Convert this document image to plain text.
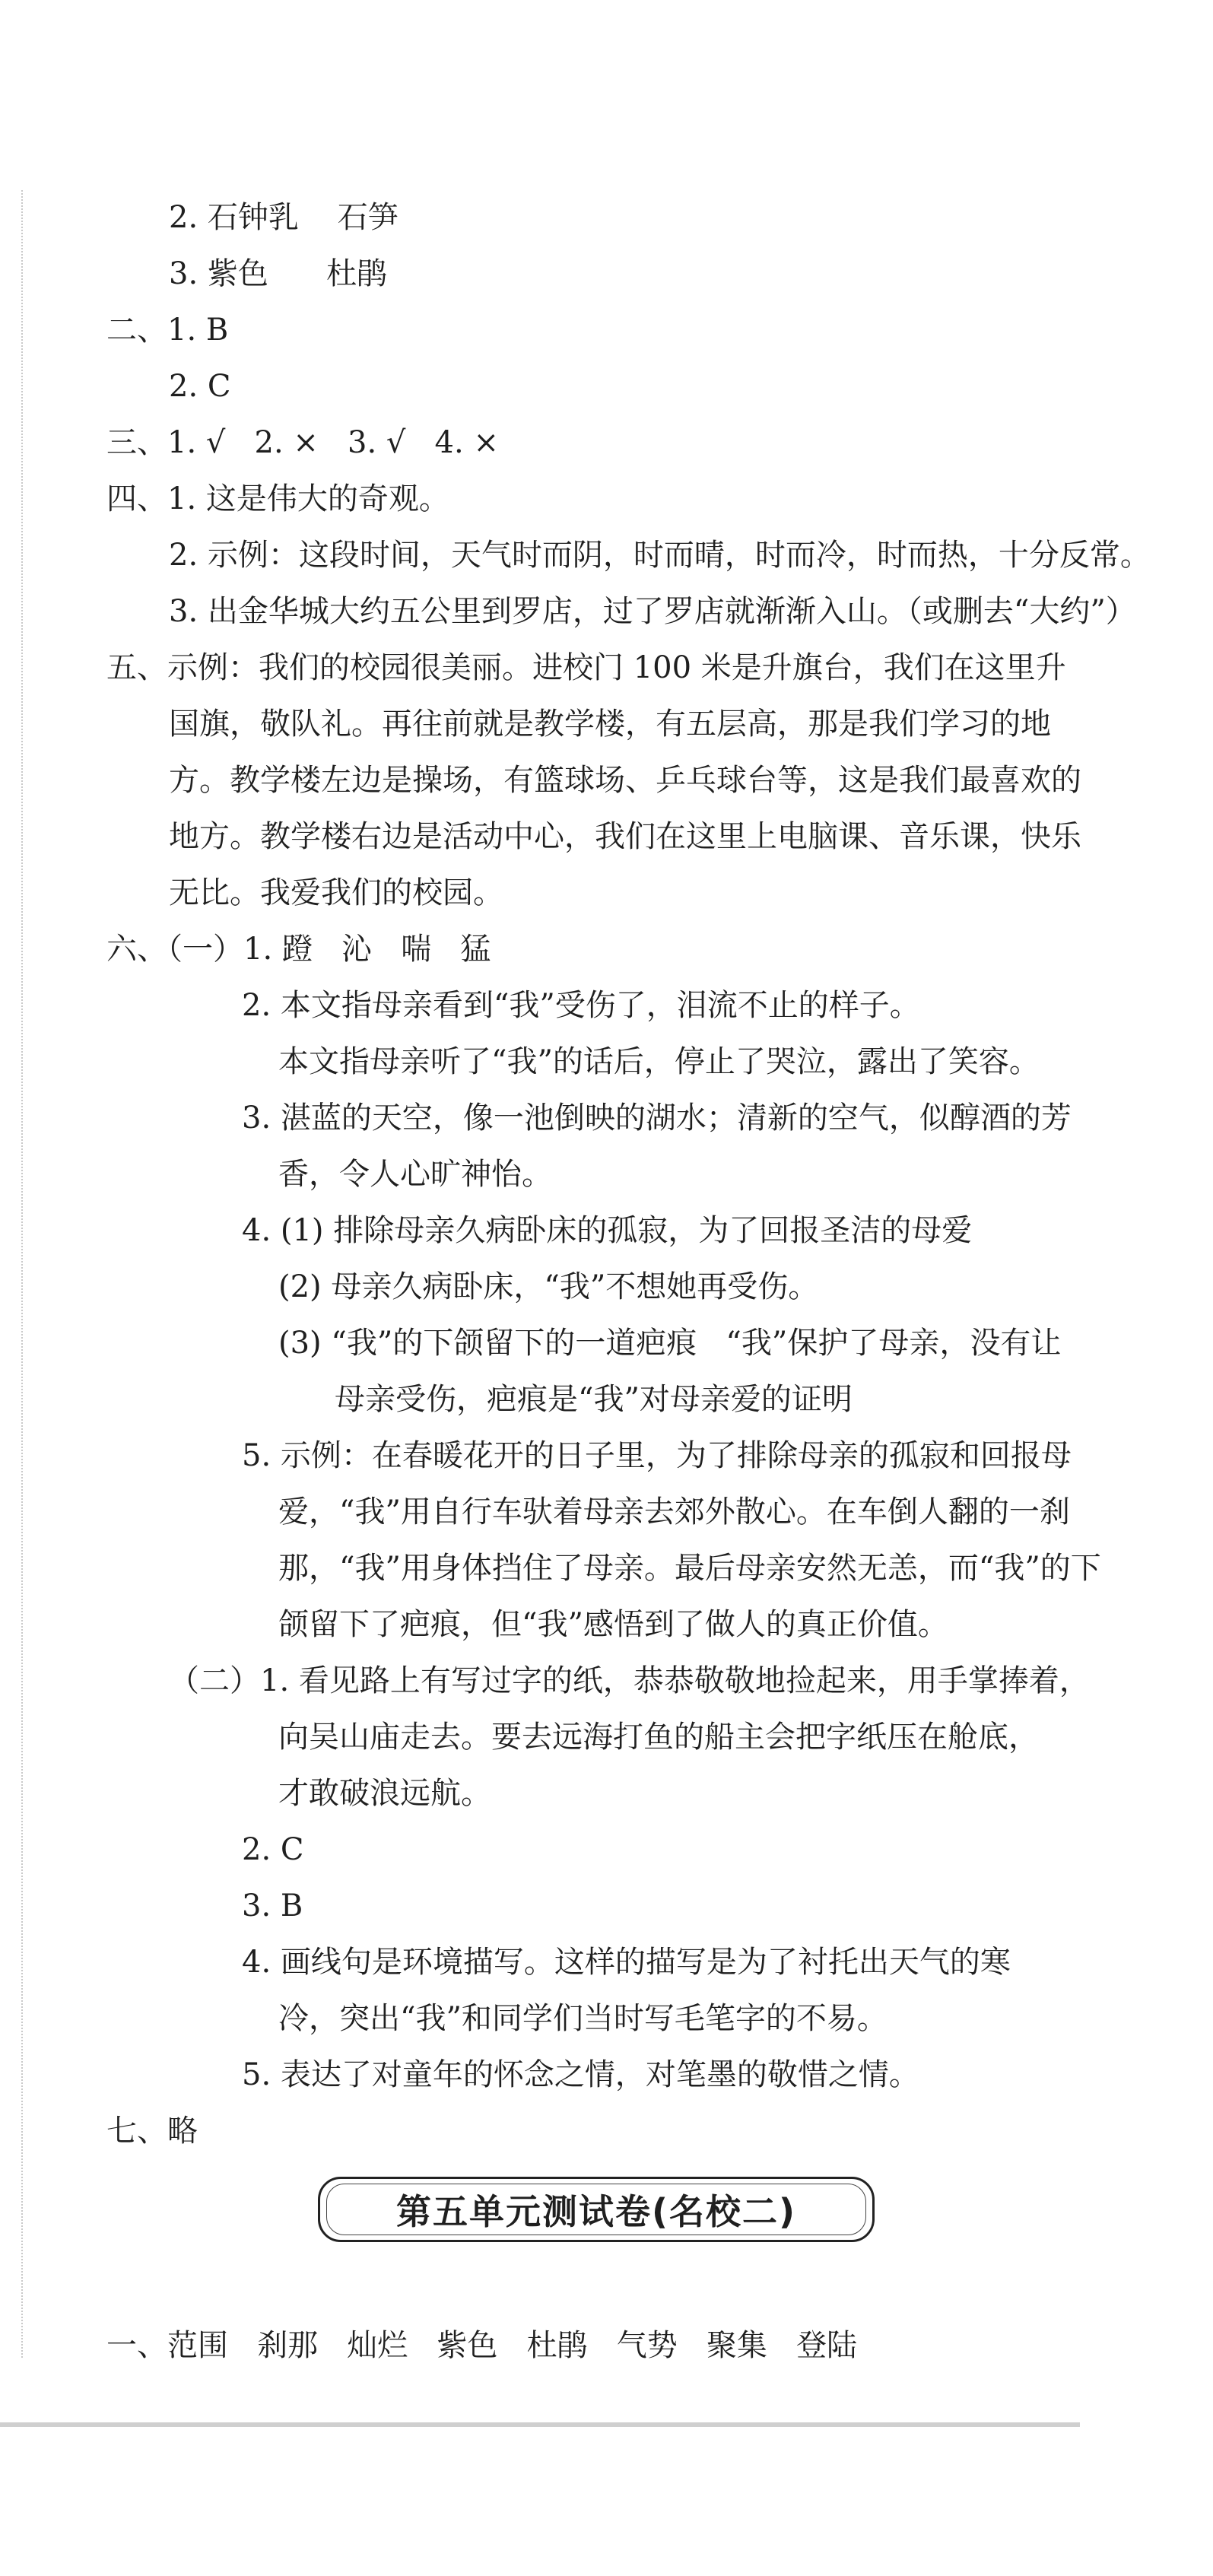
2. 石钟乳    石笋
3. 紫色      杜鹃
二、1. B
2. C
三、1. √   2. ×   3. √   4. ×
四、1. 这是伟大的奇观。
2. 示例：这段时间，天气时而阴，时而晴，时而冷，时而热，十分反常。
3. 出金华城大约五公里到罗店，过了罗店就渐渐入山。（或删去“大约”）
五、示例：我们的校园很美丽。进校门 100 米是升旗台，我们在这里升
国旗，敬队礼。再往前就是教学楼，有五层高，那是我们学习的地
方。教学楼左边是操场，有篮球场、乒乓球台等，这是我们最喜欢的
地方。教学楼右边是活动中心，我们在这里上电脑课、音乐课，快乐
无比。我爱我们的校园。
六、（一）1. 蹬   沁   喘   猛
2. 本文指母亲看到“我”受伤了，泪流不止的样子。
本文指母亲听了“我”的话后，停止了哭泣，露出了笑容。
3. 湛蓝的天空，像一池倒映的湖水；清新的空气，似醇酒的芳
香，令人心旷神怡。
4. (1) 排除母亲久病卧床的孤寂，为了回报圣洁的母爱
(2) 母亲久病卧床，“我”不想她再受伤。
(3) “我”的下颌留下的一道疤痕   “我”保护了母亲，没有让
母亲受伤，疤痕是“我”对母亲爱的证明
5. 示例：在春暖花开的日子里，为了排除母亲的孤寂和回报母
爱，“我”用自行车驮着母亲去郊外散心。在车倒人翻的一刹
那，“我”用身体挡住了母亲。最后母亲安然无恙，而“我”的下
颌留下了疤痕，但“我”感悟到了做人的真正价值。
（二）1. 看见路上有写过字的纸，恭恭敬敬地捡起来，用手掌捧着，
向吴山庙走去。要去远海打鱼的船主会把字纸压在舱底，
才敢破浪远航。
2. C
3. B
4. 画线句是环境描写。这样的描写是为了衬托出天气的寒
冷，突出“我”和同学们当时写毛笔字的不易。
5. 表达了对童年的怀念之情，对笔墨的敬惜之情。
七、略
第五单元测试卷(名校二)
一、范围   刹那   灿烂   紫色   杜鹃   气势   聚集   登陆
